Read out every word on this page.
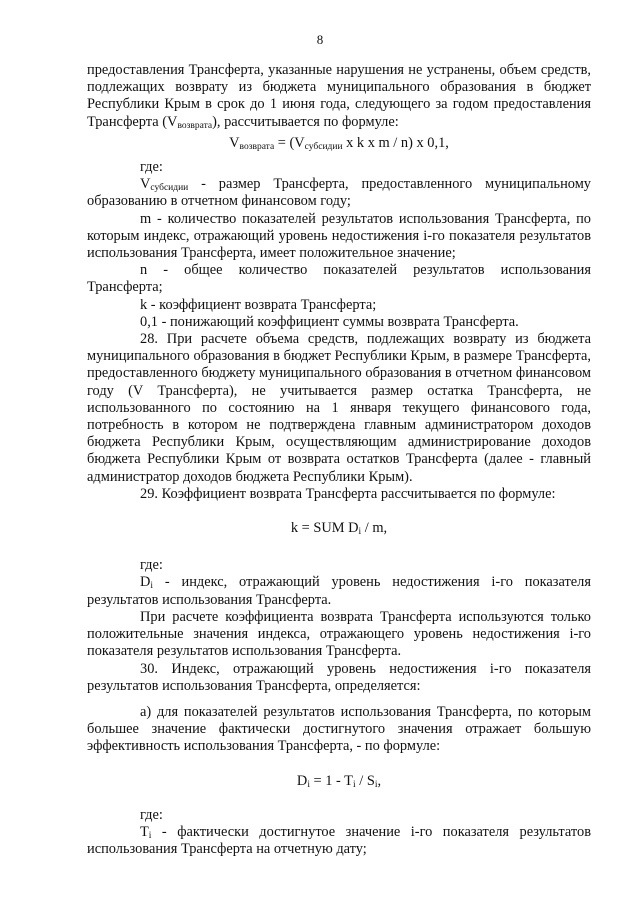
8

предоставления Трансферта, указанные нарушения не устранены, объем средств, подлежащих возврату из бюджета муниципального образования в бюджет Республики Крым в срок до 1 июня года, следующего за годом предоставления Трансферта $(V_{возврата})$, рассчитывается по формуле:

$V_{возврата} = (V_{субсидии}$ x k x m / n) x 0,1,

где:

$V_{субсидии}$ - размер Трансферта, предоставленного муниципальному образованию в отчетном финансовом году;

m - количество показателей результатов использования Трансферта, по которым индекс, отражающий уровень недостижения i-го показателя результатов использования Трансферта, имеет положительное значение;

n - общее количество показателей результатов использования Трансферта;

k - коэффициент возврата Трансферта;

0,1 - понижающий коэффициент суммы возврата Трансферта.

28. При расчете объема средств, подлежащих возврату из бюджета муниципального образования в бюджет Республики Крым, в размере Трансферта, предоставленного бюджету муниципального образования в отчетном финансовом году (V Трансферта), не учитывается размер остатка Трансферта, не использованного по состоянию на 1 января текущего финансового года, потребность в котором не подтверждена главным администратором доходов бюджета Республики Крым, осуществляющим администрирование доходов бюджета Республики Крым от возврата остатков Трансферта (далее - главный администратор доходов бюджета Республики Крым).

29. Коэффициент возврата Трансферта рассчитывается по формуле:

k = SUM $D_i$ / m,

где:

$D_i$ - индекс, отражающий уровень недостижения i-го показателя результатов использования Трансферта.

При расчете коэффициента возврата Трансферта используются только положительные значения индекса, отражающего уровень недостижения i-го показателя результатов использования Трансферта.

30. Индекс, отражающий уровень недостижения i-го показателя результатов использования Трансферта, определяется:

а) для показателей результатов использования Трансферта, по которым большее значение фактически достигнутого значения отражает большую эффективность использования Трансферта, - по формуле:

$D_i = 1 - T_i / S_i$,

где:

$T_i$ - фактически достигнутое значение i-го показателя результатов использования Трансферта на отчетную дату;
